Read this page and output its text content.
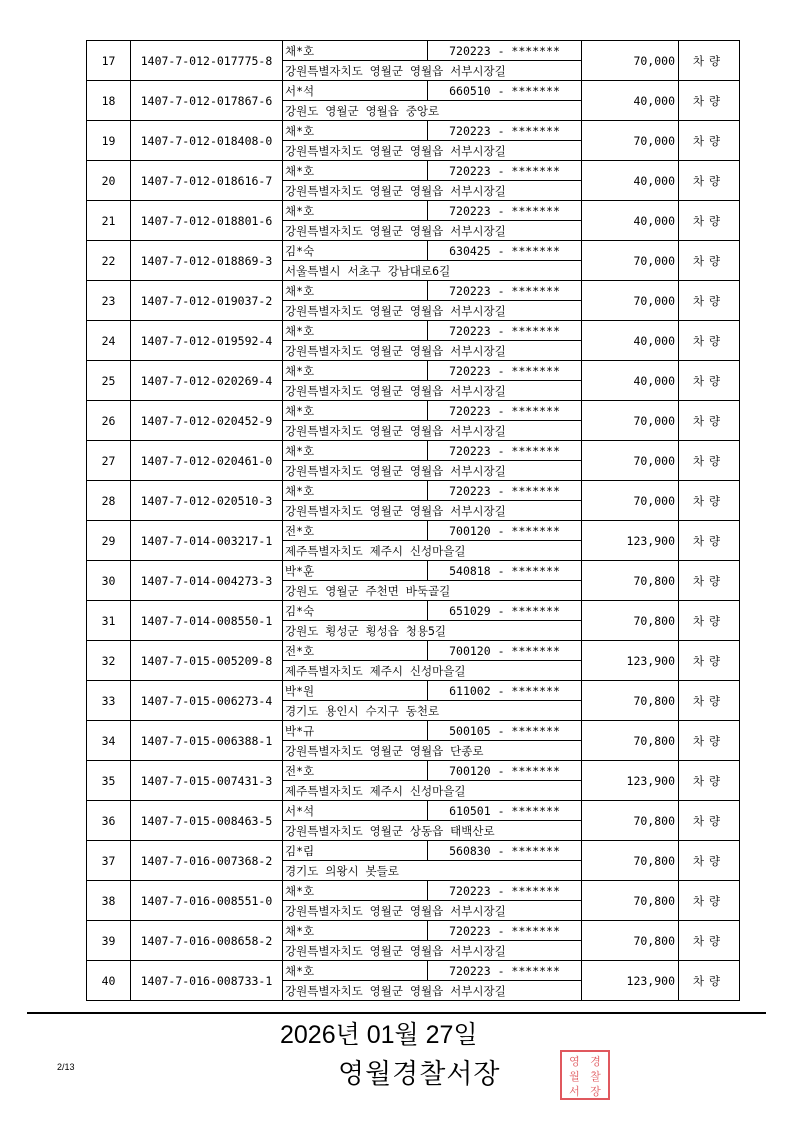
17	1407-7-012-017775-8	채*호	720223 - *******	70,000	차량
		강원특별자치도 영월군 영월읍 서부시장길			
18	1407-7-012-017867-6	서*석	660510 - *******	40,000	차량
		강원도 영월군 영월읍 중앙로			
19	1407-7-012-018408-0	채*호	720223 - *******	70,000	차량
		강원특별자치도 영월군 영월읍 서부시장길			
20	1407-7-012-018616-7	채*호	720223 - *******	40,000	차량
		강원특별자치도 영월군 영월읍 서부시장길			
21	1407-7-012-018801-6	채*호	720223 - *******	40,000	차량
		강원특별자치도 영월군 영월읍 서부시장길			
22	1407-7-012-018869-3	김*숙	630425 - *******	70,000	차량
		서울특별시 서초구 강남대로6길			
23	1407-7-012-019037-2	채*호	720223 - *******	70,000	차량
		강원특별자치도 영월군 영월읍 서부시장길			
24	1407-7-012-019592-4	채*호	720223 - *******	40,000	차량
		강원특별자치도 영월군 영월읍 서부시장길			
25	1407-7-012-020269-4	채*호	720223 - *******	40,000	차량
		강원특별자치도 영월군 영월읍 서부시장길			
26	1407-7-012-020452-9	채*호	720223 - *******	70,000	차량
		강원특별자치도 영월군 영월읍 서부시장길			
27	1407-7-012-020461-0	채*호	720223 - *******	70,000	차량
		강원특별자치도 영월군 영월읍 서부시장길			
28	1407-7-012-020510-3	채*호	720223 - *******	70,000	차량
		강원특별자치도 영월군 영월읍 서부시장길			
29	1407-7-014-003217-1	전*호	700120 - *******	123,900	차량
		제주특별자치도 제주시 신성마을길			
30	1407-7-014-004273-3	박*훈	540818 - *******	70,800	차량
		강원도 영월군 주천면 바둑골길			
31	1407-7-014-008550-1	김*숙	651029 - *******	70,800	차량
		강원도 횡성군 횡성읍 청용5길			
32	1407-7-015-005209-8	전*호	700120 - *******	123,900	차량
		제주특별자치도 제주시 신성마을길			
33	1407-7-015-006273-4	박*원	611002 - *******	70,800	차량
		경기도 용인시 수지구 동천로			
34	1407-7-015-006388-1	박*규	500105 - *******	70,800	차량
		강원특별자치도 영월군 영월읍 단종로			
35	1407-7-015-007431-3	전*호	700120 - *******	123,900	차량
		제주특별자치도 제주시 신성마을길			
36	1407-7-015-008463-5	서*석	610501 - *******	70,800	차량
		강원특별자치도 영월군 상동읍 태백산로			
37	1407-7-016-007368-2	김*림	560830 - *******	70,800	차량
		경기도 의왕시 봇들로			
38	1407-7-016-008551-0	채*호	720223 - *******	70,800	차량
		강원특별자치도 영월군 영월읍 서부시장길			
39	1407-7-016-008658-2	채*호	720223 - *******	70,800	차량
		강원특별자치도 영월군 영월읍 서부시장길			
40	1407-7-016-008733-1	채*호	720223 - *******	123,900	차량
		강원특별자치도 영월군 영월읍 서부시장길			
2026년 01월 27일
영월경찰서장
2/13	영 경
월 찰
서 장
